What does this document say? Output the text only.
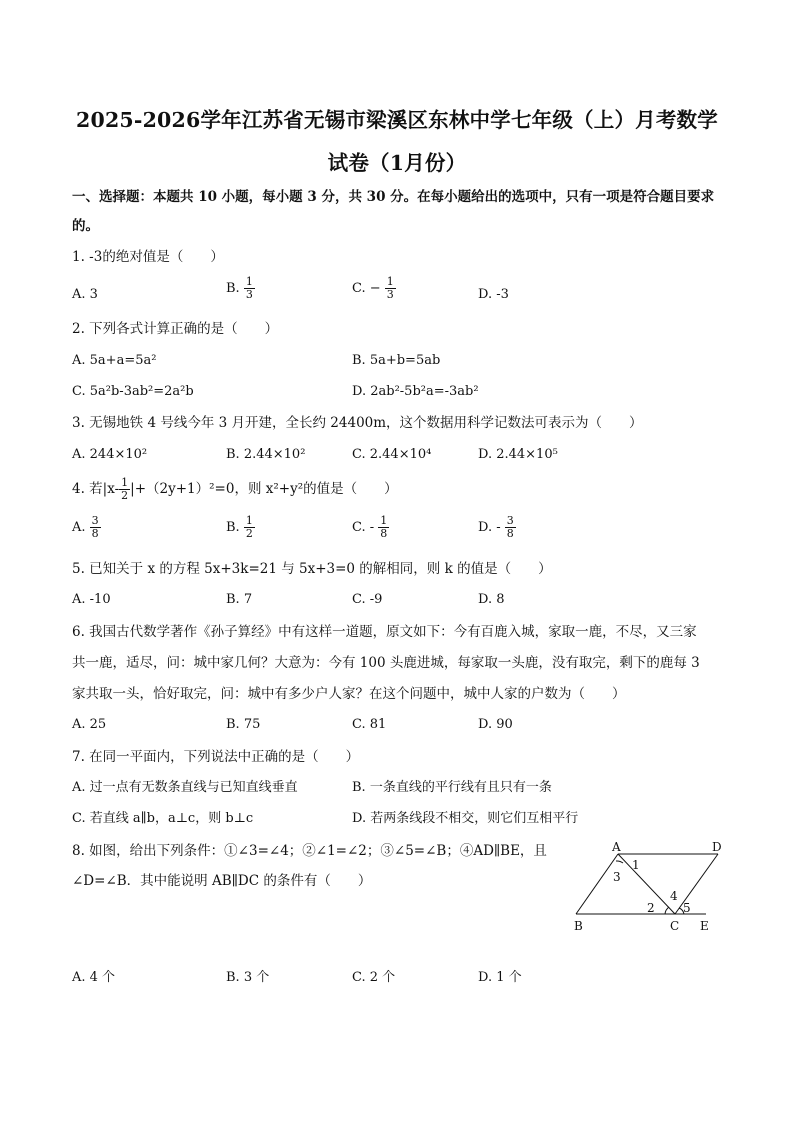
2025-2026学年江苏省无锡市梁溪区东林中学七年级（上）月考数学
试卷（1月份）
一、选择题：本题共 10 小题，每小题 3 分，共 30 分。在每小题给出的选项中，只有一项是符合题目要求
的。
1. -3的绝对值是（　　）
A. 3	B. $\frac{1}{3}$	C. − $\frac{1}{3}$	D. -3
2. 下列各式计算正确的是（　　）
A. 5a+a=5a²	B. 5a+b=5ab
C. 5a²b-3ab²=2a²b	D. 2ab²-5b²a=-3ab²
3. 无锡地铁 4 号线今年 3 月开建，全长约 24400m，这个数据用科学记数法可表示为（　　）
A. 244×10²	B. 2.44×10²	C. 2.44×10⁴	D. 2.44×10⁵
4. 若$|x- \frac{1}{2} |+(2y+1)^2=0$，则 x²+y²的值是（　　）
A. $\frac{3}{8}$	B. $\frac{1}{2}$	C. - $\frac{1}{8}$	D. - $\frac{3}{8}$
5. 已知关于 x 的方程 5x+3k=21 与 5x+3=0 的解相同，则 k 的值是（　　）
A. -10	B. 7	C. -9	D. 8
6. 我国古代数学著作《孙子算经》中有这样一道题，原文如下：今有百鹿入城，家取一鹿，不尽，又三家
共一鹿，适尽，问：城中家几何？大意为：今有 100 头鹿进城，每家取一头鹿，没有取完，剩下的鹿每 3
家共取一头，恰好取完，问：城中有多少户人家？在这个问题中，城中人家的户数为（　　）
A. 25	B. 75	C. 81	D. 90
7. 在同一平面内，下列说法中正确的是（　　）
A. 过一点有无数条直线与已知直线垂直	B. 一条直线的平行线有且只有一条
C. 若直线 a∥b，a⊥c，则 b⊥c	D. 若两条线段不相交，则它们互相平行
8. 如图，给出下列条件：①∠3=∠4；②∠1=∠2；③∠5=∠B；④AD∥BE，且
∠D=∠B．其中能说明 AB∥DC 的条件有（　　）
A	D
B	C E
1
3
4
2 5
A. 4 个	B. 3 个	C. 2 个	D. 1 个
